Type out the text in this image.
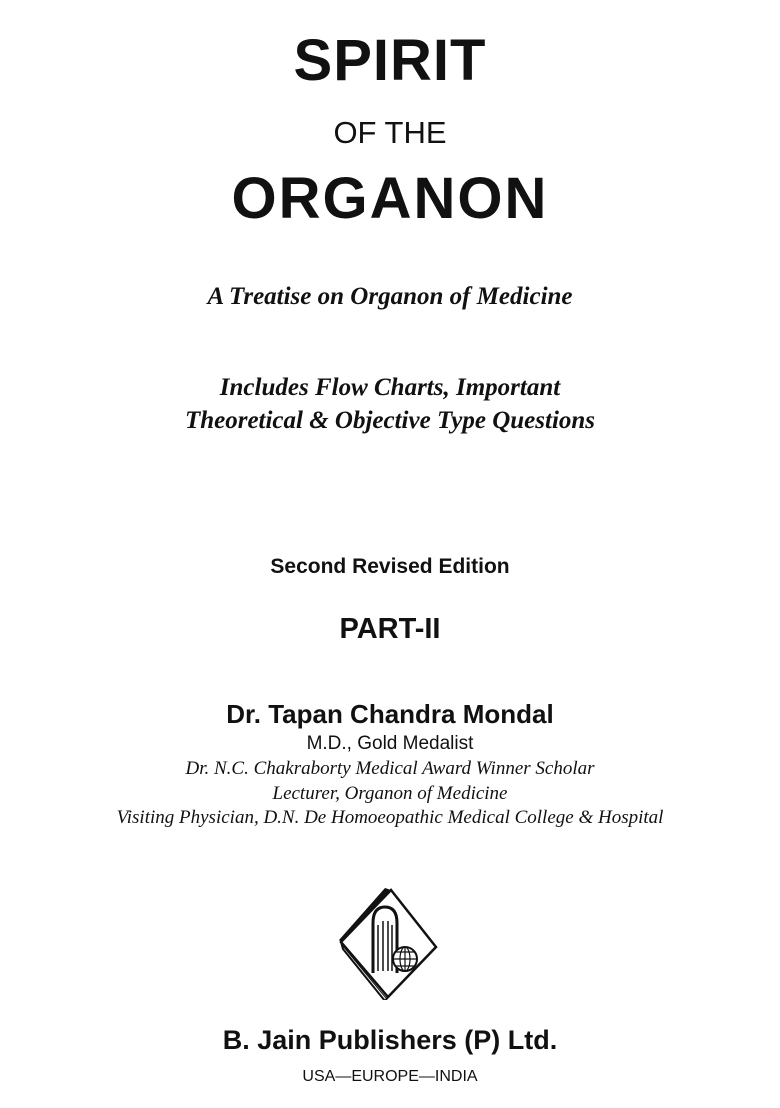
SPIRIT
OF THE
ORGANON
A Treatise on Organon of Medicine
Includes Flow Charts, Important
Theoretical & Objective Type Questions
Second Revised Edition
PART-II
Dr. Tapan Chandra Mondal
M.D., Gold Medalist
Dr. N.C. Chakraborty Medical Award Winner Scholar
Lecturer, Organon of Medicine
Visiting Physician, D.N. De Homoeopathic Medical College & Hospital
B. Jain Publishers (P) Ltd.
USA—EUROPE—INDIA
